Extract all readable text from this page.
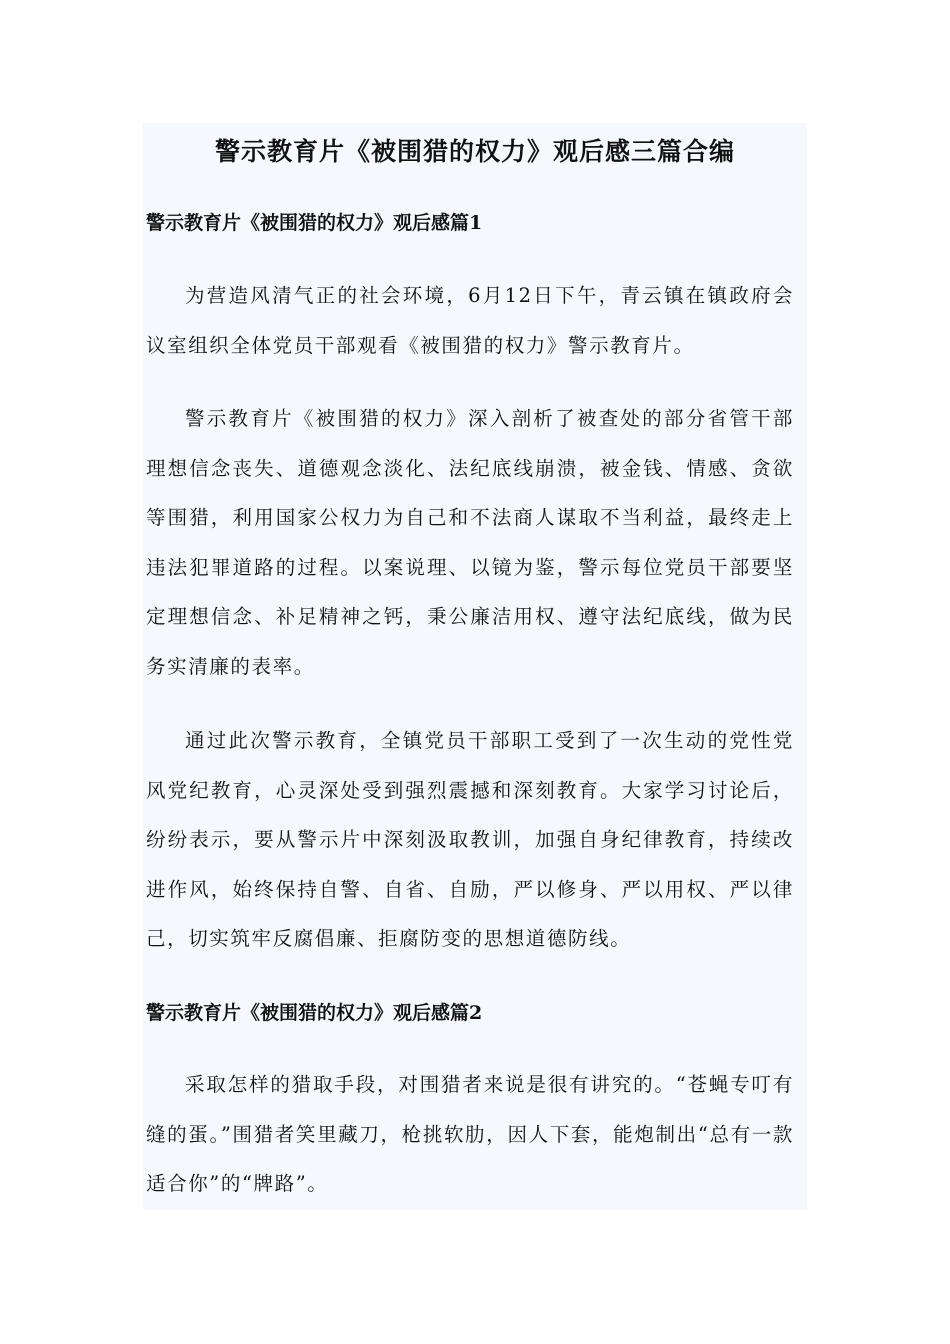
警示教育片《被围猎的权力》观后感三篇合编
警示教育片《被围猎的权力》观后感篇1

为营造风清气正的社会环境，6月12日下午，青云镇在镇政府会议室组织全体党员干部观看《被围猎的权力》警示教育片。

警示教育片《被围猎的权力》深入剖析了被查处的部分省管干部理想信念丧失、道德观念淡化、法纪底线崩溃，被金钱、情感、贪欲等围猎，利用国家公权力为自己和不法商人谋取不当利益，最终走上违法犯罪道路的过程。以案说理、以镜为鉴，警示每位党员干部要坚定理想信念、补足精神之钙，秉公廉洁用权、遵守法纪底线，做为民务实清廉的表率。

通过此次警示教育，全镇党员干部职工受到了一次生动的党性党风党纪教育，心灵深处受到强烈震撼和深刻教育。大家学习讨论后，纷纷表示，要从警示片中深刻汲取教训，加强自身纪律教育，持续改进作风，始终保持自警、自省、自励，严以修身、严以用权、严以律己，切实筑牢反腐倡廉、拒腐防变的思想道德防线。

警示教育片《被围猎的权力》观后感篇2

采取怎样的猎取手段，对围猎者来说是很有讲究的。“苍蝇专叮有缝的蛋。”围猎者笑里藏刀，枪挑软肋，因人下套，能炮制出“总有一款适合你”的“牌路”。
